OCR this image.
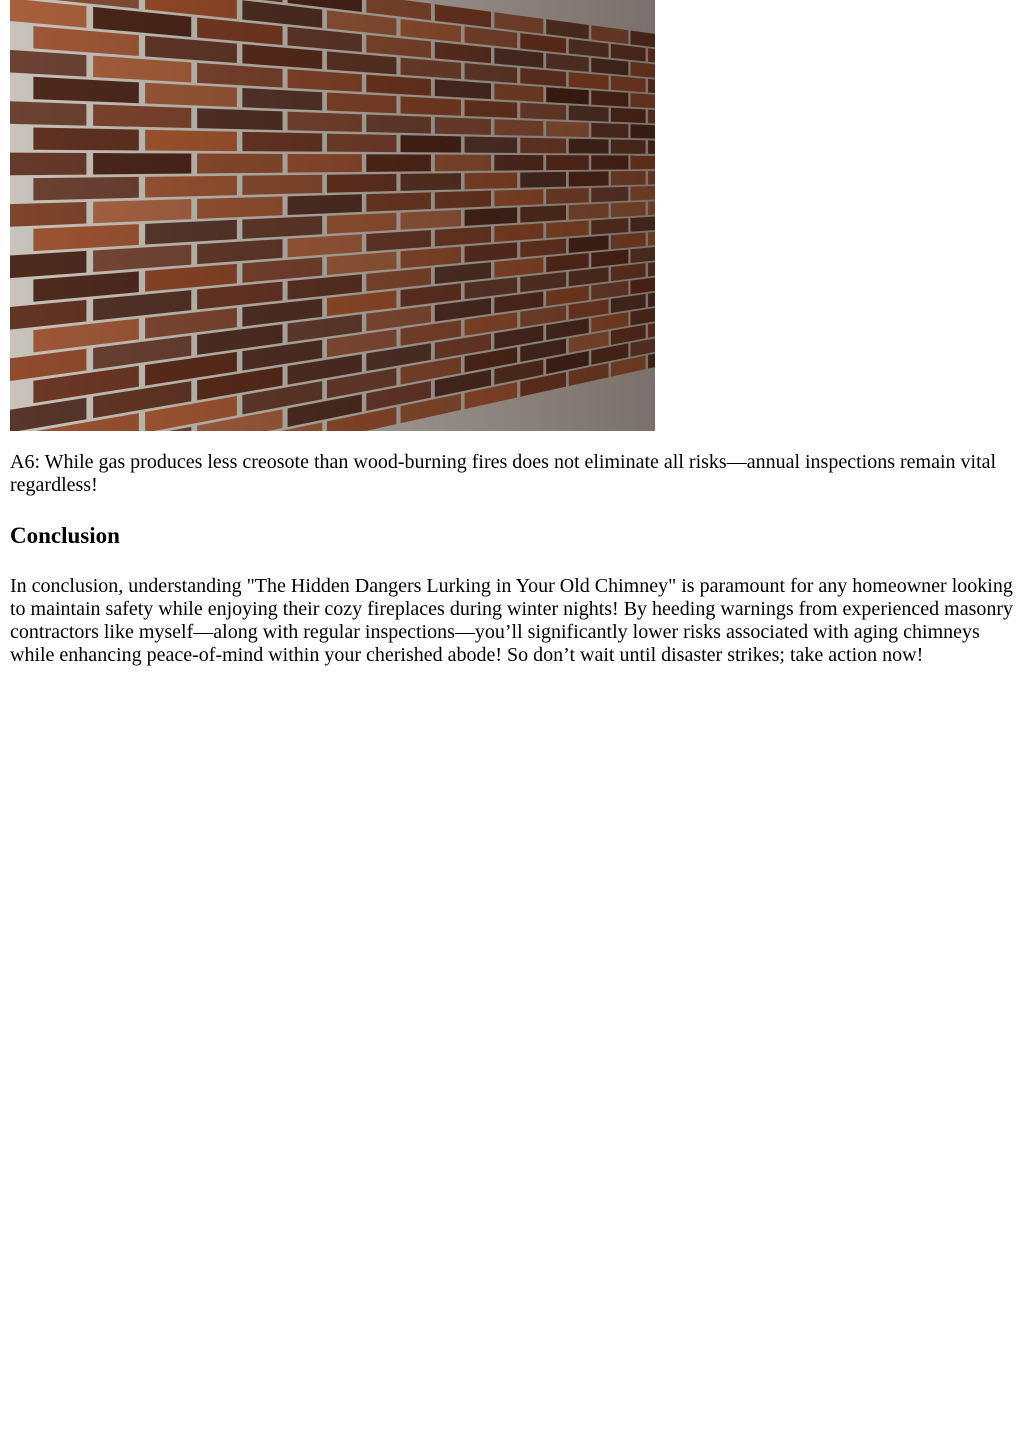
A6: While gas produces less creosote than wood-burning fires does not eliminate all risks—annual inspections remain vital regardless!

Conclusion

In conclusion, understanding "The Hidden Dangers Lurking in Your Old Chimney" is paramount for any homeowner looking to maintain safety while enjoying their cozy fireplaces during winter nights! By heeding warnings from experienced masonry contractors like myself—along with regular inspections—you’ll significantly lower risks associated with aging chimneys while enhancing peace-of-mind within your cherished abode! So don’t wait until disaster strikes; take action now!
